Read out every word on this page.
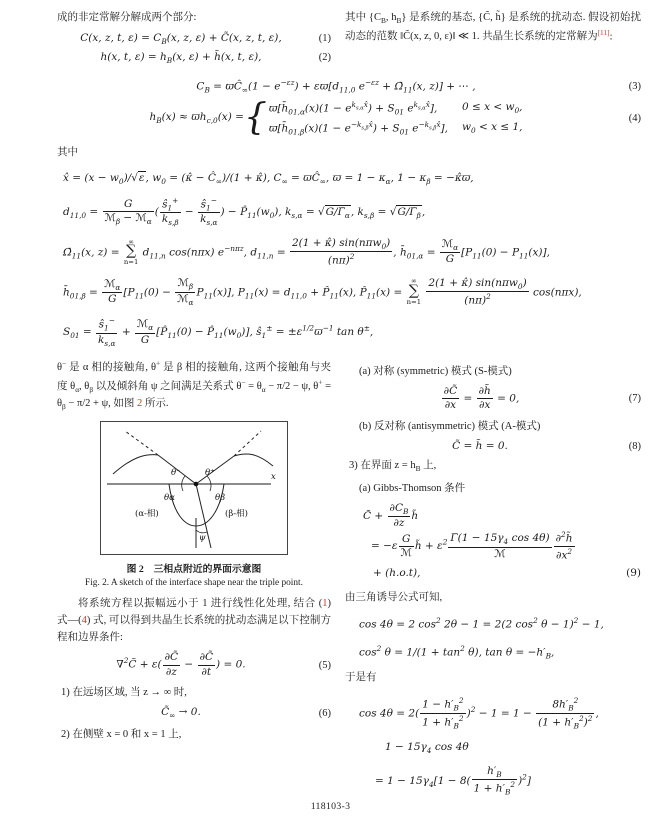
成的非定常解分解成两个部分:

C(x, z, t, $\varepsilon) = C_B(x$, z, ε) + C̃(x, z, t, ε),	(1)
h(x, t, $\varepsilon) = h_B(x$, ε) + h̃(x, t, ε),	(2)

其中 {$C_B$, $h_B$} 是系统的基态, {C̃, h̃} 是系统的扰动态. 假设初始扰动态的范数 ‖C̃(x, z, 0, ε)‖ ≪ 1. 共晶生长系统的定常解为[11]:

$C_B$ = $ϖĈ_\infty(1 - e^{-\varepsilon z}) + \varepsilon ϖ[d_{11,0}$ $e^{-\varepsilon z}$ + $\Omegā_{11}(x$, z)] + ⋯ ,	(3)
$h_B(x) \approx ϖh_{c,0}(x)$ = { $ϖ[h̄_{01,\alpha}(x)(1 - e^{k_{s,\alpha}x̂}) + S_{01}$ $e^{k_{s,\alpha}x̂}$], $0 \le x < w_0$,
$ϖ[h̄_{01,\beta}(x)(1 - e^{-k_{s,\beta}x̂}) + S_{01}$ $e^{-k_{s,\beta}x̂}$], $w_0 < x \le 1$,
(4)

其中

x̂ = $(x - w_0)/√\varepsilon$, $w_0$ = (κ̂ − $Ĉ_\infty)/(1$ + κ̂), $C_\infty$ = $ϖĈ_\infty$, $ϖ = 1 - \kappa_\alpha$, $1 - \kappa_\beta$ = −κ̂ϖ,
$d_{11,0} = \frac{G}{ℳ_\beta - ℳ_\alpha}$ ( $\frac{ŝ_1^+}{k_{s,\beta}} - \frac{ŝ_1^-}{k_{s,\alpha}}$ ) − $P̂_{11}(w_0)$, $k_{s,\alpha}$ = $√G/\Gammā_\alpha$, $k_{s,\beta}$ = $√G/\Gammā_\beta$,
$\Omegā_{11}(x$, z) =
∞
∑
n=1
$d_{11,n}$ cos(nπx) $e^{-n\pi z}$, $d_{11,n} = \frac{2(1 + \kappâ) \sin(n\pi w_0)}{(n\pi)^2}$ , $h̄_{01,\alpha} = \frac{ℳ_\alpha}{G} [P_{11}(0) - P_{11}(x)]$,
$h̄_{01,\beta} = \frac{ℳ_\alpha}{G} [P_{11}(0) - \frac{ℳ_\beta}{ℳ_\alpha} P_{11}(x)]$, $P_{11}(x) = d_{11,0}$ + $P̂_{11}(x)$, $P̂_{11}(x)$ =
∞
∑
n=1
$\frac{2(1 + \kappâ) \sin(n\pi w_0)}{(n\pi)^2} \cos(n\pi x)$,
$S_{01} = \frac{ŝ_1^-}{k_{s,\alpha}} + \frac{ℳ_\alpha}{G}$ [$P̂_{11}(0)$ − $P̂_{11}(w_0)$], $ŝ_1^\pm = \pm\varepsilon^{1/2}ϖ^{-1}$ tan θ±,

θ− 是 α 相的接触角, θ+ 是 β 相的接触角, 这两个接触角与夹度 $\theta_\alpha$, $\theta_\beta$ 以及倾斜角 ψ 之间满足关系式 $\theta^- = \theta_\alpha - \pi/2 - \psi$, $\theta^+ = \theta_\beta - \pi/2 + \psi$, 如图 2 所示.

x
θ⁻	θ⁺
θα	θβ
ψ
(α-相)	(β-相)
图 2　三相点附近的界面示意图
Fig. 2. A sketch of the interface shape near the triple point.

将系统方程以振幅远小于 1 进行线性化处理, 结合 (1) 式—(4) 式, 可以得到共晶生长系统的扰动态满足以下控制方程和边界条件:

∇$^2$C̃ + $\varepsilon( \frac{\partial C̃}{\partial z} - \frac{\partial C̃}{\partial t}$ ) = 0.	(5)

1) 在远场区域, 当 z → ∞ 时,

$C̃_\infty \to 0$.	(6)

2) 在侧壁 x = 0 和 x = 1 上,

(a) 对称 (symmetric) 模式 (S-模式)

$\frac{\partial C̃}{\partial x} = \frac{\partial h̃}{\partial x} = 0$,	(7)

(b) 反对称 (antisymmetric) 模式 (A-模式)

C̃ = h̃ = 0.	(8)

3) 在界面 $z = h_B$ 上,

(a) Gibbs-Thomson 条件

C̃ + $\frac{\partial C_B}{\partial z}$ h̃
= $-\varepsilon \frac{G}{\text{ℳ}}$ h̃ + $\varepsilon^2 \frac{\Gammā(1 - 15\gamma_4 \cos 4\theta)}{\text{ℳ}} \frac{\partial^2h̃}{\partial x^2}$
+ (h.o.t),	(9)

由三角诱导公式可知,

cos 4θ = 2 $\cos^2 2\theta - 1 = 2(2$ $\cos^2 \theta - 1)^2 - 1$,
$\cos^2 \theta = 1/(1 + \tan^2 \theta)$, $\tan \theta = -h'_B$,

于是有

$\cos 4\theta = 2( \frac{1 - h'_B^2}{1 + h'_B^2} )^2 - 1 = 1 - \frac{8h'_B^2}{(1 + h'_B^2)^2}$ ,
$1 - 15\gamma_4$ cos 4θ
= $1 - 15\gamma_4[1 - 8( \frac{h'_B}{1 + h'_B^2} )^2]$
118103-3
